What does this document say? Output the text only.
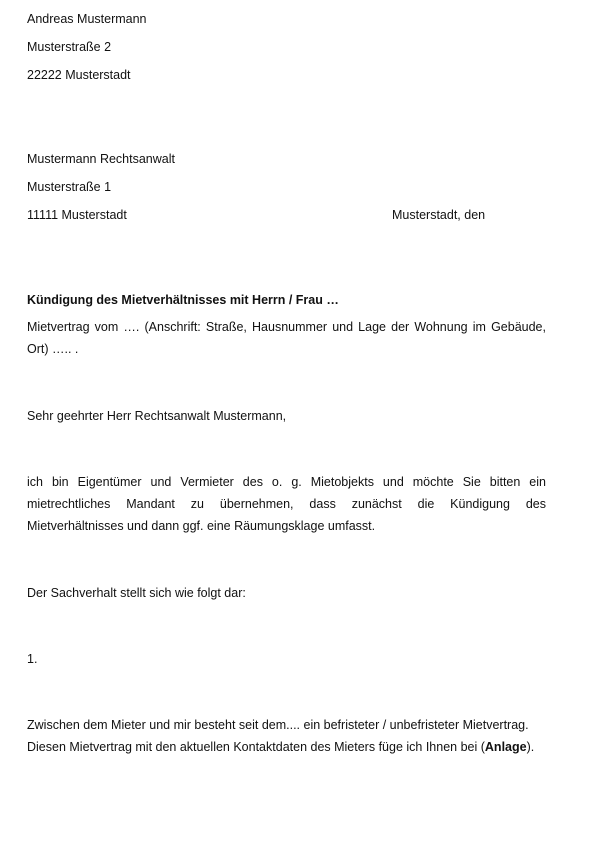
Andreas Mustermann
Musterstraße 2
22222 Musterstadt
Mustermann Rechtsanwalt
Musterstraße 1
11111 Musterstadt	Musterstadt, den
Kündigung des Mietverhältnisses mit Herrn / Frau …
Mietvertrag vom …. (Anschrift: Straße, Hausnummer und Lage der Wohnung im Gebäude, Ort) ….. .
Sehr geehrter Herr Rechtsanwalt Mustermann,
ich bin Eigentümer und Vermieter des o. g. Mietobjekts und möchte Sie bitten ein mietrechtliches Mandant zu übernehmen, dass zunächst die Kündigung des Mietverhältnisses und dann ggf. eine Räumungsklage umfasst.
Der Sachverhalt stellt sich wie folgt dar:
1.
Zwischen dem Mieter und mir besteht seit dem.... ein befristeter / unbefristeter Mietvertrag. Diesen Mietvertrag mit den aktuellen Kontaktdaten des Mieters füge ich Ihnen bei (Anlage).
